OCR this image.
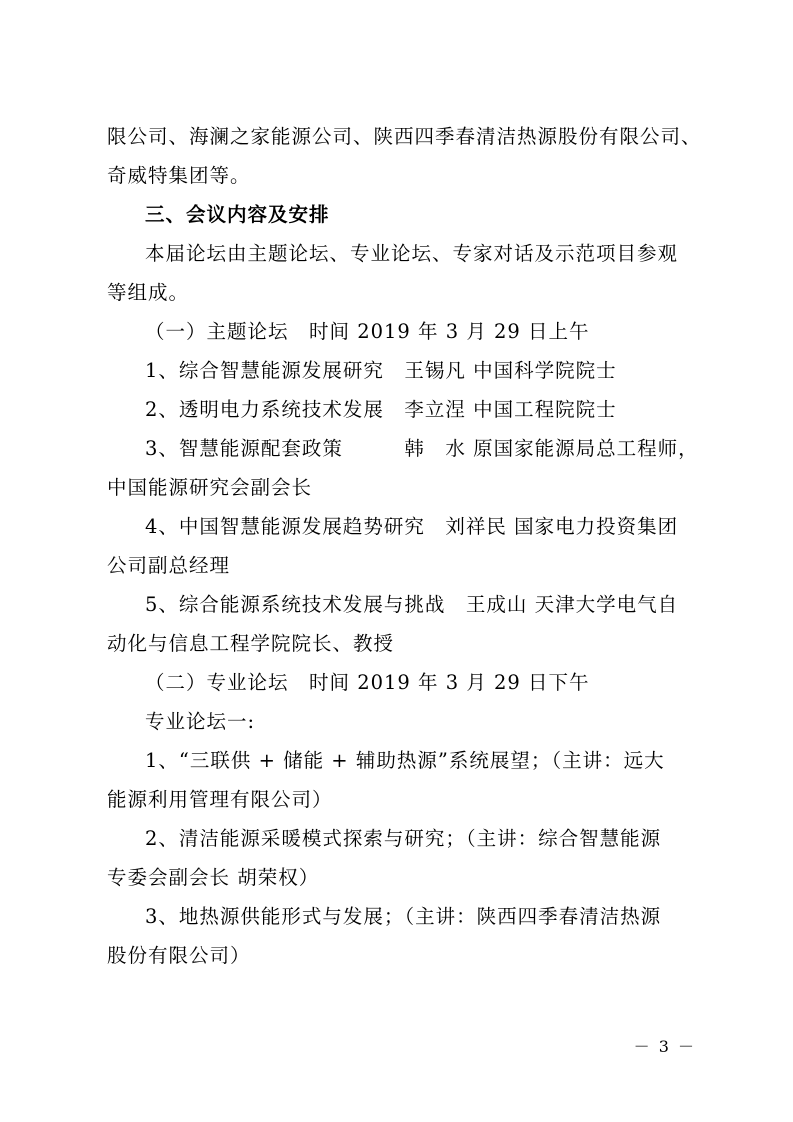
限公司、海澜之家能源公司、陕西四季春清洁热源股份有限公司、
奇威特集团等。
三、会议内容及安排
本届论坛由主题论坛、专业论坛、专家对话及示范项目参观
等组成。
（一）主题论坛　时间 2019 年 3 月 29 日上午
1、综合智慧能源发展研究　王锡凡 中国科学院院士
2、透明电力系统技术发展　李立涅 中国工程院院士
3、智慧能源配套政策　　　韩　水 原国家能源局总工程师，
中国能源研究会副会长
4、中国智慧能源发展趋势研究　刘祥民 国家电力投资集团
公司副总经理
5、综合能源系统技术发展与挑战　王成山 天津大学电气自
动化与信息工程学院院长、教授
（二）专业论坛　时间 2019 年 3 月 29 日下午
专业论坛一:
1、“三联供 + 储能 + 辅助热源”系统展望；（主讲：远大
能源利用管理有限公司）
2、清洁能源采暖模式探索与研究；（主讲：综合智慧能源
专委会副会长 胡荣权）
3、地热源供能形式与发展；（主讲：陕西四季春清洁热源
股份有限公司）
－ 3 －
